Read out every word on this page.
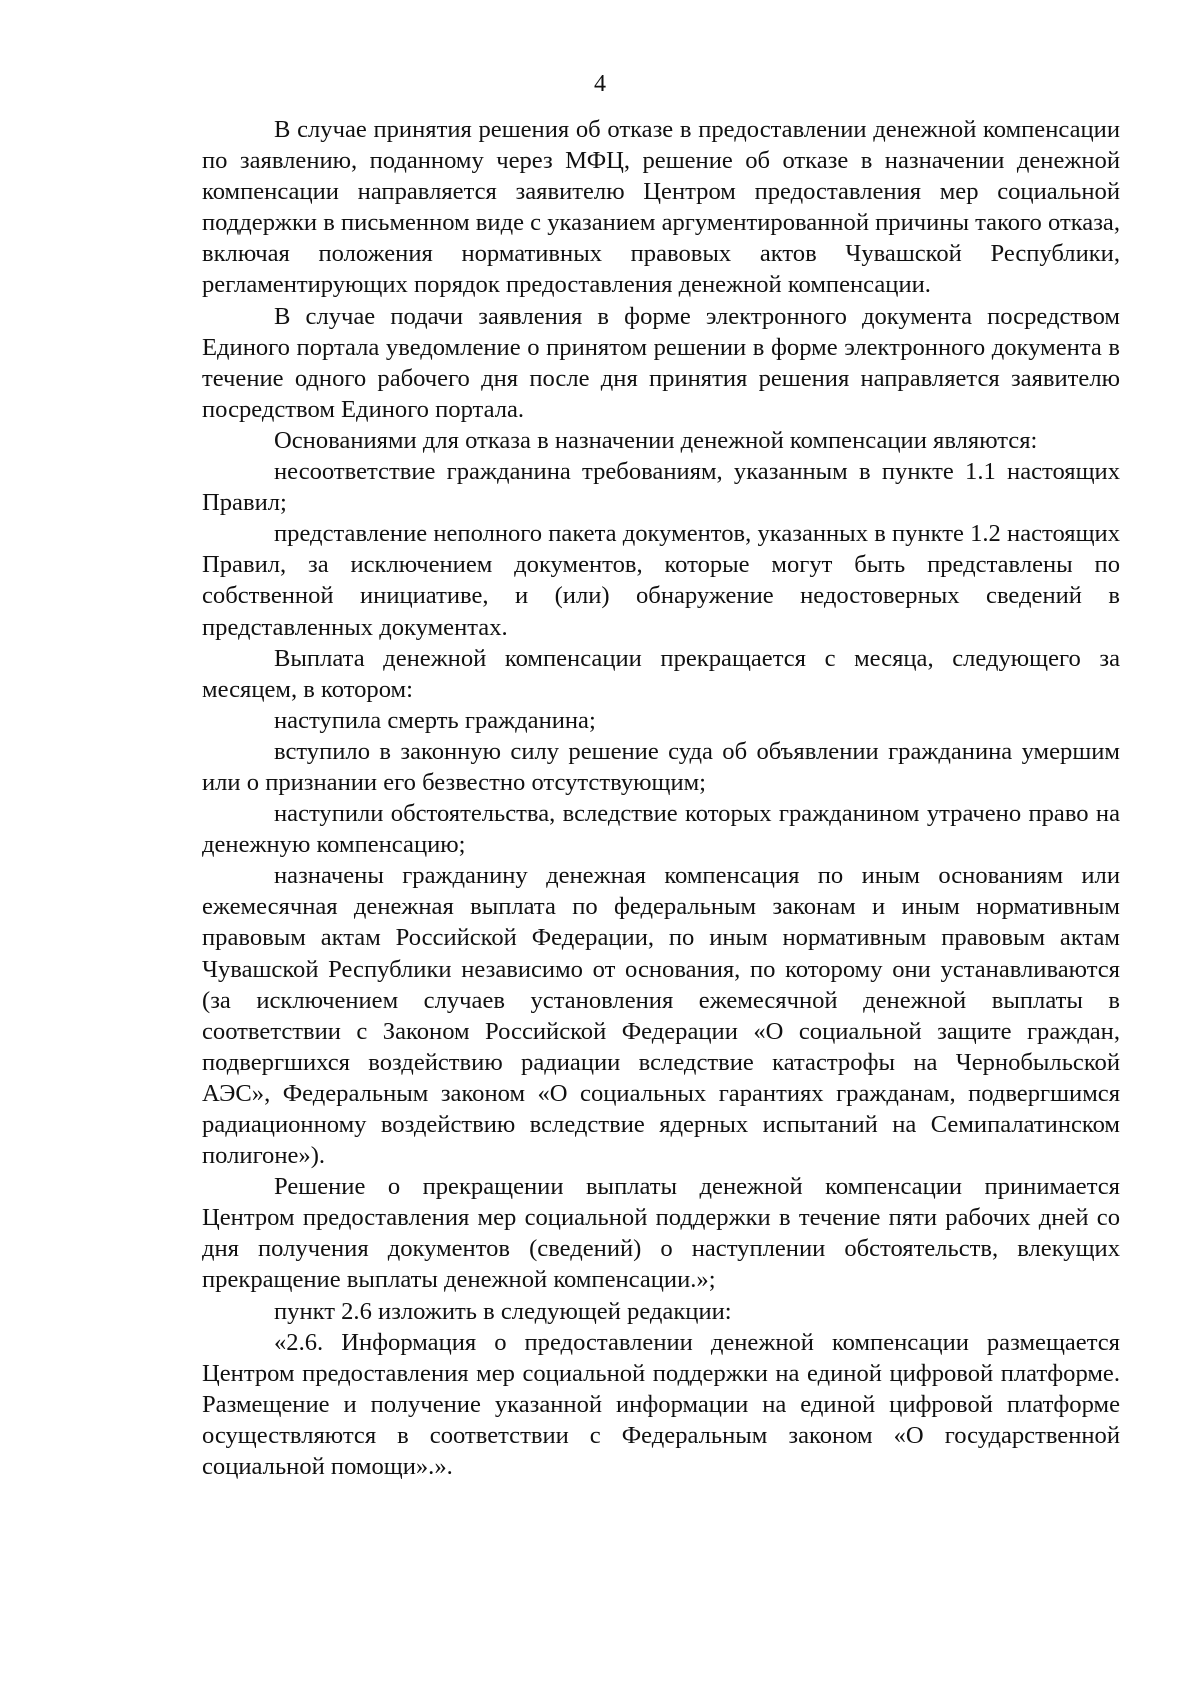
4

В случае принятия решения об отказе в предоставлении денежной компенсации по заявлению, поданному через МФЦ, решение об отказе в назначении денежной компенсации направляется заявителю Центром предоставления мер социальной поддержки в письменном виде с указанием аргументированной причины такого отказа, включая положения нормативных правовых актов Чувашской Республики, регламентирующих порядок предоставления денежной компенсации.

В случае подачи заявления в форме электронного документа посредством Единого портала уведомление о принятом решении в форме электронного документа в течение одного рабочего дня после дня принятия решения направляется заявителю посредством Единого портала.

Основаниями для отказа в назначении денежной компенсации являются:

несоответствие гражданина требованиям, указанным в пункте 1.1 настоящих Правил;

представление неполного пакета документов, указанных в пункте 1.2 настоящих Правил, за исключением документов, которые могут быть представлены по собственной инициативе, и (или) обнаружение недостоверных сведений в представленных документах.

Выплата денежной компенсации прекращается с месяца, следующего за месяцем, в котором:

наступила смерть гражданина;

вступило в законную силу решение суда об объявлении гражданина умершим или о признании его безвестно отсутствующим;

наступили обстоятельства, вследствие которых гражданином утрачено право на денежную компенсацию;

назначены гражданину денежная компенсация по иным основаниям или ежемесячная денежная выплата по федеральным законам и иным нормативным правовым актам Российской Федерации, по иным нормативным правовым актам Чувашской Республики независимо от основания, по которому они устанавливаются (за исключением случаев установления ежемесячной денежной выплаты в соответствии с Законом Российской Федерации «О социальной защите граждан, подвергшихся воздействию радиации вследствие катастрофы на Чернобыльской АЭС», Федеральным законом «О социальных гарантиях гражданам, подвергшимся радиационному воздействию вследствие ядерных испытаний на Семипалатинском полигоне»).

Решение о прекращении выплаты денежной компенсации принимается Центром предоставления мер социальной поддержки в течение пяти рабочих дней со дня получения документов (сведений) о наступлении обстоятельств, влекущих прекращение выплаты денежной компенсации.»;

пункт 2.6 изложить в следующей редакции:

«2.6. Информация о предоставлении денежной компенсации размещается Центром предоставления мер социальной поддержки на единой цифровой платформе. Размещение и получение указанной информации на единой цифровой платформе осуществляются в соответствии с Федеральным законом «О государственной социальной помощи».».
